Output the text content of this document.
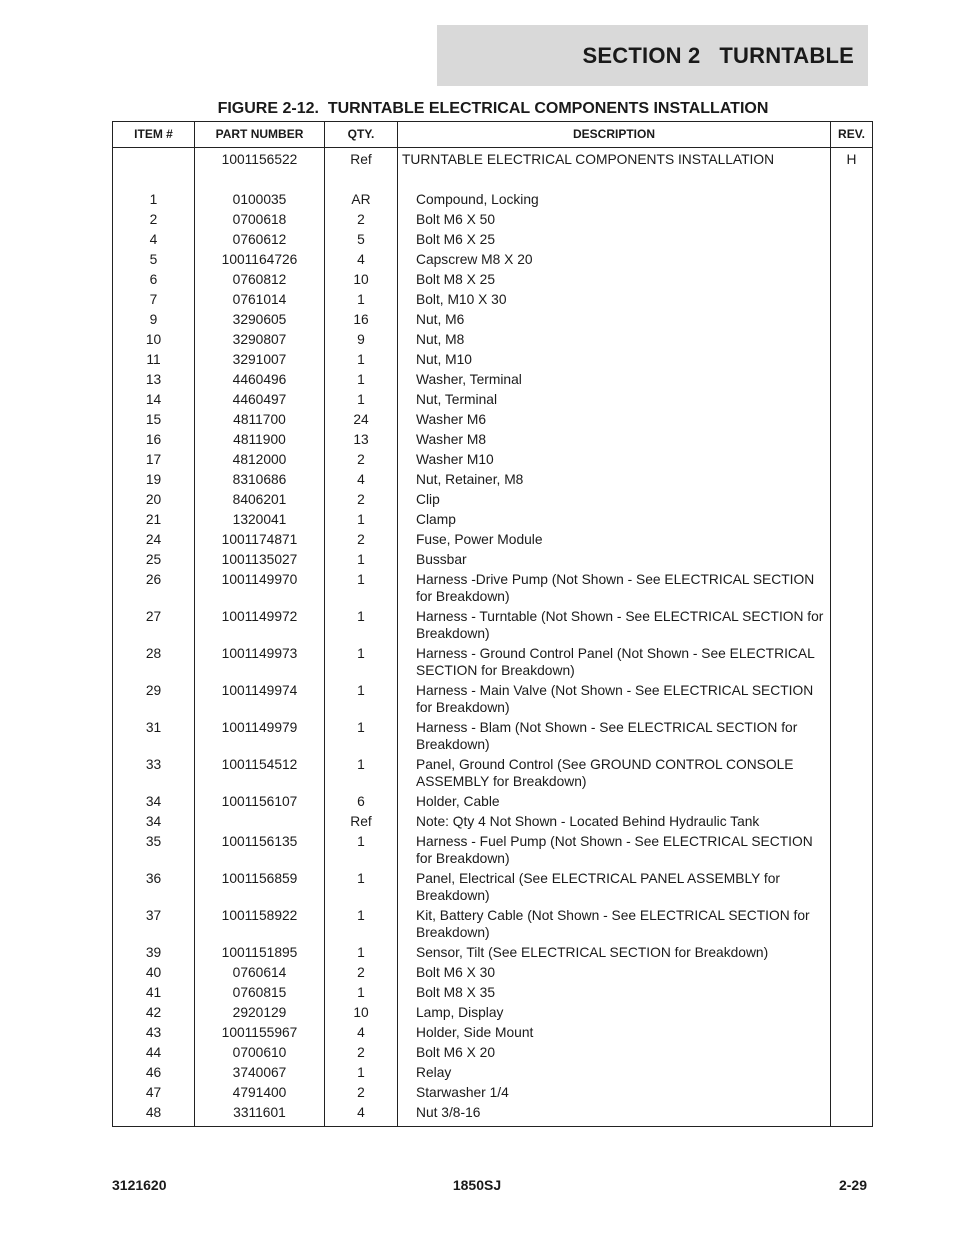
SECTION 2   TURNTABLE
FIGURE 2-12.  TURNTABLE ELECTRICAL COMPONENTS INSTALLATION
ITEM #	PART NUMBER	QTY.	DESCRIPTION	REV.
	1001156522	Ref	TURNTABLE ELECTRICAL COMPONENTS INSTALLATION	H

1	0100035	AR	Compound, Locking	
2	0700618	2	Bolt M6 X 50	
4	0760612	5	Bolt M6 X 25	
5	1001164726	4	Capscrew M8 X 20	
6	0760812	10	Bolt M8 X 25	
7	0761014	1	Bolt, M10 X 30	
9	3290605	16	Nut, M6	
10	3290807	9	Nut, M8	
11	3291007	1	Nut, M10	
13	4460496	1	Washer, Terminal	
14	4460497	1	Nut, Terminal	
15	4811700	24	Washer M6	
16	4811900	13	Washer M8	
17	4812000	2	Washer M10	
19	8310686	4	Nut, Retainer, M8	
20	8406201	2	Clip	
21	1320041	1	Clamp	
24	1001174871	2	Fuse, Power Module	
25	1001135027	1	Bussbar	
26	1001149970	1	Harness -Drive Pump (Not Shown - See ELECTRICAL SECTION for Breakdown)	
27	1001149972	1	Harness - Turntable (Not Shown - See ELECTRICAL SECTION for Breakdown)	
28	1001149973	1	Harness - Ground Control Panel (Not Shown - See ELECTRICAL SECTION for Breakdown)	
29	1001149974	1	Harness - Main Valve (Not Shown - See ELECTRICAL SECTION for Breakdown)	
31	1001149979	1	Harness - Blam (Not Shown - See ELECTRICAL SECTION for Breakdown)	
33	1001154512	1	Panel, Ground Control (See GROUND CONTROL CONSOLE ASSEMBLY for Breakdown)	
34	1001156107	6	Holder, Cable	
34		Ref	Note: Qty 4 Not Shown - Located Behind Hydraulic Tank	
35	1001156135	1	Harness - Fuel Pump (Not Shown - See ELECTRICAL SECTION for Breakdown)	
36	1001156859	1	Panel, Electrical (See ELECTRICAL PANEL ASSEMBLY for Breakdown)	
37	1001158922	1	Kit, Battery Cable (Not Shown - See ELECTRICAL SECTION for Breakdown)	
39	1001151895	1	Sensor, Tilt (See ELECTRICAL SECTION for Breakdown)	
40	0760614	2	Bolt M6 X 30	
41	0760815	1	Bolt M8 X 35	
42	2920129	10	Lamp, Display	
43	1001155967	4	Holder, Side Mount	
44	0700610	2	Bolt M6 X 20	
46	3740067	1	Relay	
47	4791400	2	Starwasher 1/4	
48	3311601	4	Nut 3/8-16	
3121620	1850SJ	2-29
